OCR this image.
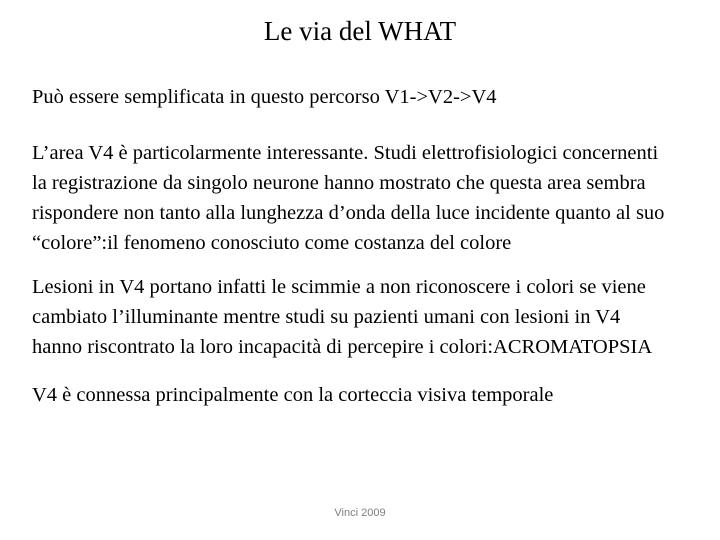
Le via del WHAT

Può essere semplificata in questo percorso V1->V2->V4

L’area V4 è particolarmente interessante. Studi elettrofisiologici concernenti la registrazione da singolo neurone hanno mostrato che questa area sembra rispondere non tanto alla lunghezza d’onda della luce incidente quanto al suo “colore”:il fenomeno conosciuto come costanza del colore

Lesioni in V4 portano infatti le scimmie a non riconoscere i colori se viene cambiato l’illuminante mentre studi su pazienti umani con lesioni in V4 hanno riscontrato la loro incapacità di percepire i colori:ACROMATOPSIA

V4 è connessa principalmente con la corteccia visiva temporale

Vinci 2009
